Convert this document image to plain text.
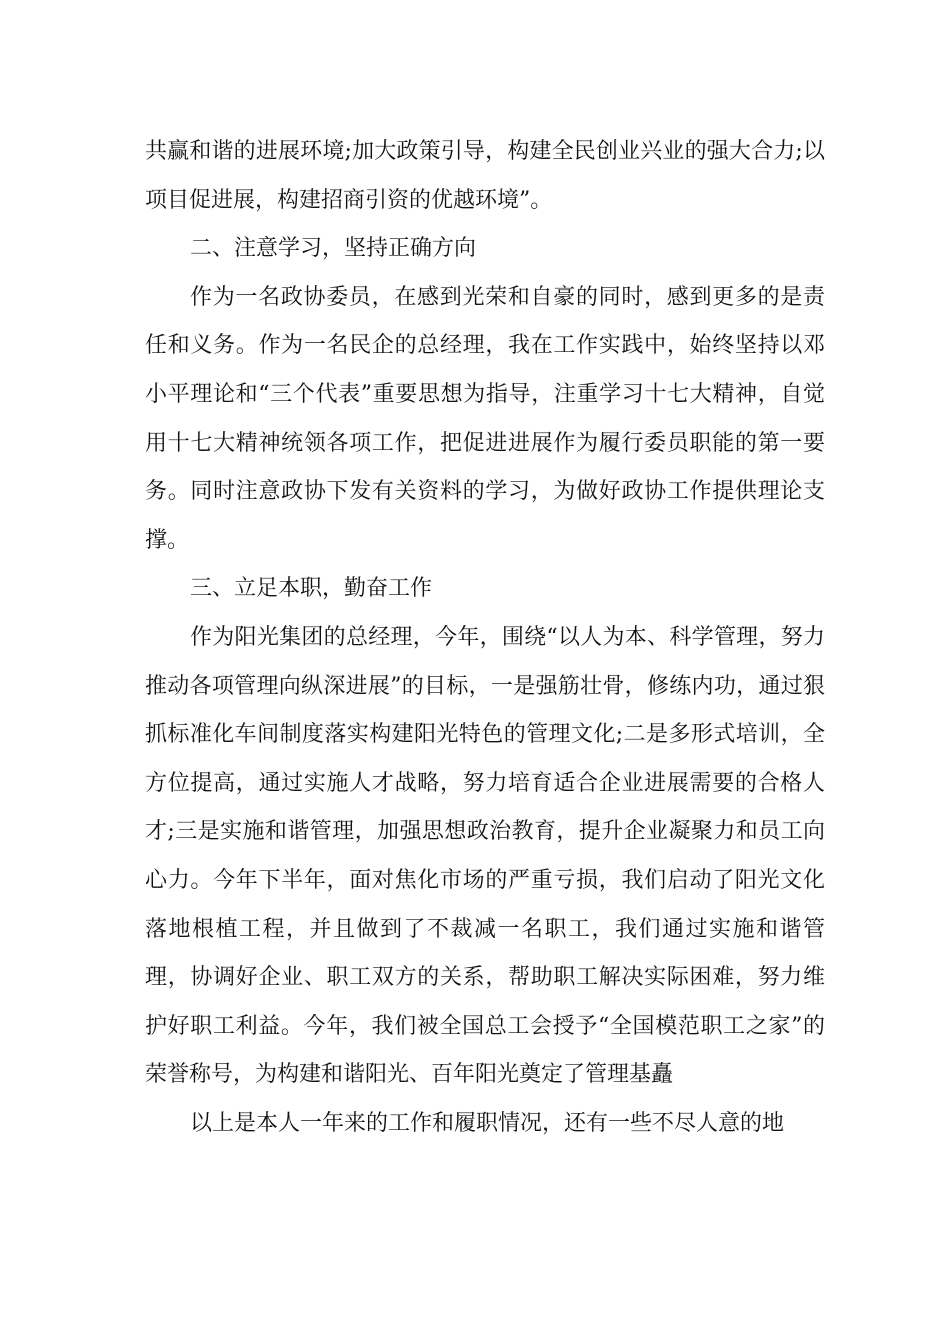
共赢和谐的进展环境;加大政策引导，构建全民创业兴业的强大合力;以项目促进展，构建招商引资的优越环境”。

二、注意学习，坚持正确方向

作为一名政协委员，在感到光荣和自豪的同时，感到更多的是责任和义务。作为一名民企的总经理，我在工作实践中，始终坚持以邓小平理论和“三个代表”重要思想为指导，注重学习十七大精神，自觉用十七大精神统领各项工作，把促进进展作为履行委员职能的第一要务。同时注意政协下发有关资料的学习，为做好政协工作提供理论支撑。

三、立足本职，勤奋工作

作为阳光集团的总经理，今年，围绕“以人为本、科学管理，努力推动各项管理向纵深进展”的目标，一是强筋壮骨，修练内功，通过狠抓标准化车间制度落实构建阳光特色的管理文化;二是多形式培训，全方位提高，通过实施人才战略，努力培育适合企业进展需要的合格人才;三是实施和谐管理，加强思想政治教育，提升企业凝聚力和员工向心力。今年下半年，面对焦化市场的严重亏损，我们启动了阳光文化落地根植工程，并且做到了不裁减一名职工，我们通过实施和谐管理，协调好企业、职工双方的关系，帮助职工解决实际困难，努力维护好职工利益。今年，我们被全国总工会授予“全国模范职工之家”的荣誉称号，为构建和谐阳光、百年阳光奠定了管理基矗

以上是本人一年来的工作和履职情况，还有一些不尽人意的地
